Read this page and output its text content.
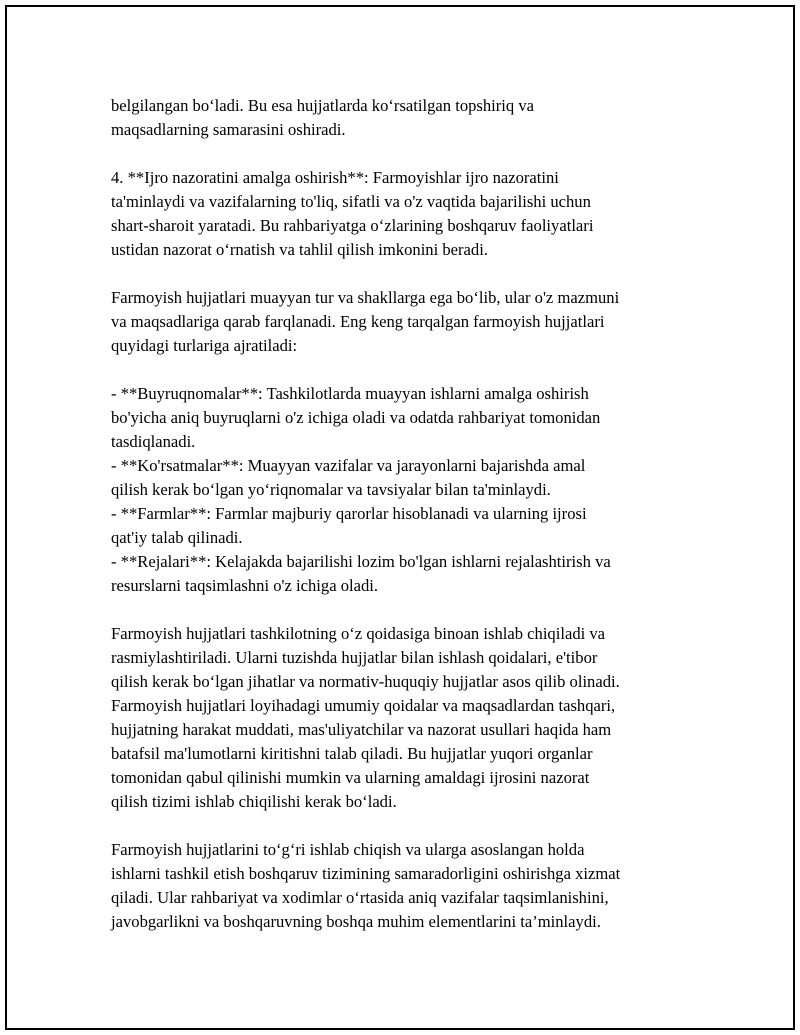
belgilangan bo‘ladi. Bu esa hujjatlarda ko‘rsatilgan topshiriq va
maqsadlarning samarasini oshiradi.
4. **Ijro nazoratini amalga oshirish**: Farmoyishlar ijro nazoratini
ta'minlaydi va vazifalarning to'liq, sifatli va o'z vaqtida bajarilishi uchun
shart-sharoit yaratadi. Bu rahbariyatga o‘zlarining boshqaruv faoliyatlari
ustidan nazorat o‘rnatish va tahlil qilish imkonini beradi.
Farmoyish hujjatlari muayyan tur va shakllarga ega bo‘lib, ular o'z mazmuni
va maqsadlariga qarab farqlanadi. Eng keng tarqalgan farmoyish hujjatlari
quyidagi turlariga ajratiladi:
- **Buyruqnomalar**: Tashkilotlarda muayyan ishlarni amalga oshirish
bo'yicha aniq buyruqlarni o'z ichiga oladi va odatda rahbariyat tomonidan
tasdiqlanadi.
- **Ko'rsatmalar**: Muayyan vazifalar va jarayonlarni bajarishda amal
qilish kerak bo‘lgan yo‘riqnomalar va tavsiyalar bilan ta'minlaydi.
- **Farmlar**: Farmlar majburiy qarorlar hisoblanadi va ularning ijrosi
qat'iy talab qilinadi.
- **Rejalari**: Kelajakda bajarilishi lozim bo'lgan ishlarni rejalashtirish va
resurslarni taqsimlashni o'z ichiga oladi.
Farmoyish hujjatlari tashkilotning o‘z qoidasiga binoan ishlab chiqiladi va
rasmiylashtiriladi. Ularni tuzishda hujjatlar bilan ishlash qoidalari, e'tibor
qilish kerak bo‘lgan jihatlar va normativ-huquqiy hujjatlar asos qilib olinadi.
Farmoyish hujjatlari loyihadagi umumiy qoidalar va maqsadlardan tashqari,
hujjatning harakat muddati, mas'uliyatchilar va nazorat usullari haqida ham
batafsil ma'lumotlarni kiritishni talab qiladi. Bu hujjatlar yuqori organlar
tomonidan qabul qilinishi mumkin va ularning amaldagi ijrosini nazorat
qilish tizimi ishlab chiqilishi kerak bo‘ladi.
Farmoyish hujjatlarini to‘g‘ri ishlab chiqish va ularga asoslangan holda
ishlarni tashkil etish boshqaruv tizimining samaradorligini oshirishga xizmat
qiladi. Ular rahbariyat va xodimlar o‘rtasida aniq vazifalar taqsimlanishini,
javobgarlikni va boshqaruvning boshqa muhim elementlarini ta’minlaydi.
